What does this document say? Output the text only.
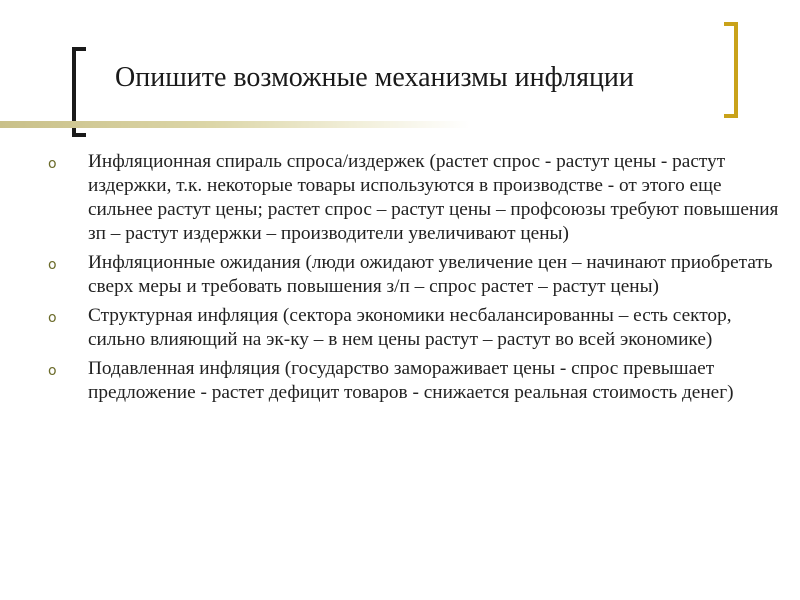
Опишите возможные механизмы инфляции
o Инфляционная спираль спроса/издержек (растет спрос - растут цены - растут издержки, т.к. некоторые товары используются в производстве - от этого еще сильнее растут цены; растет спрос – растут цены – профсоюзы требуют повышения зп – растут издержки – производители увеличивают цены)
o Инфляционные ожидания (люди ожидают увеличение цен – начинают приобретать сверх меры и требовать повышения з/п – спрос растет – растут цены)
o Структурная инфляция (сектора экономики несбалансированны – есть сектор, сильно влияющий на эк-ку – в нем цены растут – растут во всей экономике)
o Подавленная инфляция (государство замораживает цены - спрос превышает предложение - растет дефицит товаров - снижается реальная стоимость денег)
